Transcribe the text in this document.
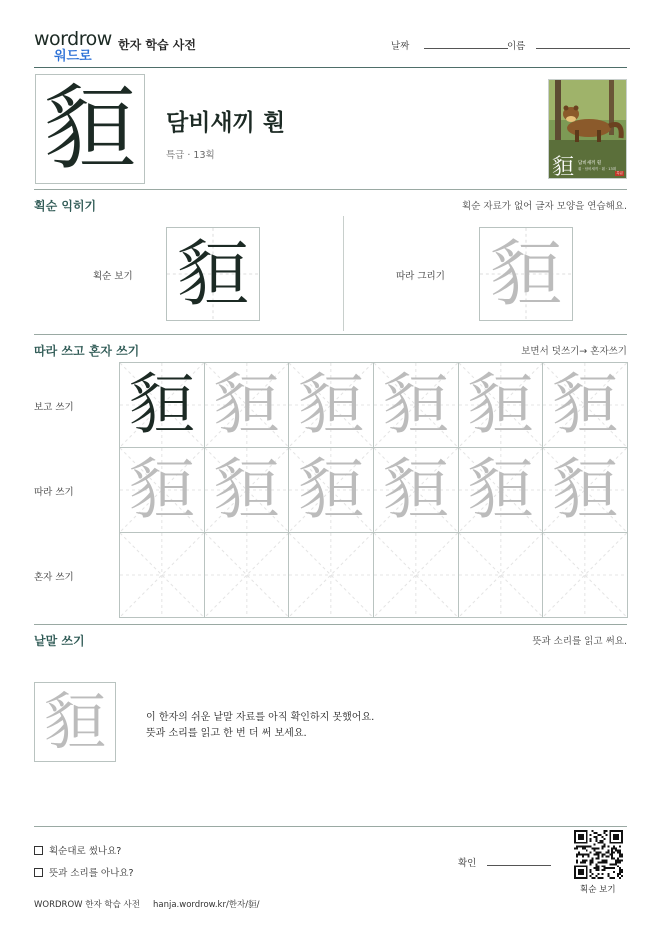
wordrow
워드로
한자 학습 사전	날짜	이름
貆	담비새끼 훤
특급 · 13획	貆 담비새끼 훤
훤 · 담비새끼 · 훤 · 13획
특급
획순 익히기	획순 자료가 없어 글자 모양을 연습해요.
획순 보기 貆	따라 그리기 貆
따라 쓰고 혼자 쓰기	보면서 덧쓰기→ 혼자쓰기
보고 쓰기
따라 쓰기
혼자 쓰기
貆 貆 貆 貆 貆 貆
貆 貆 貆 貆 貆 貆
낱말 쓰기	뜻과 소리를 읽고 써요.
貆	이 한자의 쉬운 낱말 자료를 아직 확인하지 못했어요.
뜻과 소리를 읽고 한 번 더 써 보세요.
획순대로 썼나요?
뜻과 소리를 아나요?
확인
획순 보기
WORDROW 한자 학습 사전 hanja.wordrow.kr/한자/貆/
